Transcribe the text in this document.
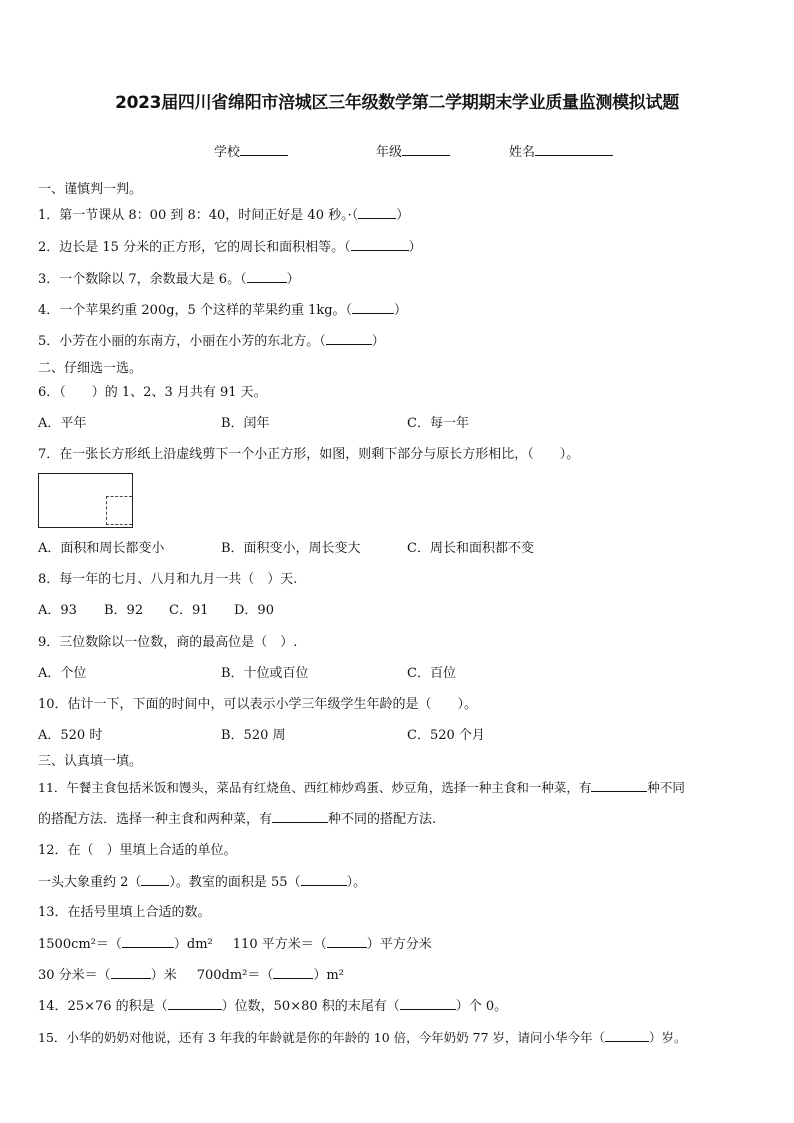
2023届四川省绵阳市涪城区三年级数学第二学期期末学业质量监测模拟试题
学校	年级	姓名
一、谨慎判一判。
1．第一节课从 8：00 到 8：40，时间正好是 40 秒。·（	）
2．边长是 15 分米的正方形，它的周长和面积相等。（	）
3．一个数除以 7，余数最大是 6。（	）
4．一个苹果约重 200g，5 个这样的苹果约重 1kg。（	）
5．小芳在小丽的东南方，小丽在小芳的东北方。（	）
二、仔细选一选。
6．（　　）的 1、2、3 月共有 91 天。
A．平年	B．闰年	C．每一年
7．在一张长方形纸上沿虚线剪下一个小正方形，如图，则剩下部分与原长方形相比，（　　）。
A．面积和周长都变小	B．面积变小，周长变大	C．周长和面积都不变
8．每一年的七月、八月和九月一共（　）天.
A．93 B．92 C．91 D．90
9．三位数除以一位数，商的最高位是（　）.
A．个位	B．十位或百位	C．百位
10．估计一下，下面的时间中，可以表示小学三年级学生年龄的是（　　）。
A．520 时	B．520 周	C．520 个月
三、认真填一填。
11．午餐主食包括米饭和馒头，菜品有红烧鱼、西红柿炒鸡蛋、炒豆角，选择一种主食和一种菜，有	种不同
的搭配方法．选择一种主食和两种菜，有	种不同的搭配方法.
12．在（　）里填上合适的单位。
一头大象重约 2（ ）。教室的面积是 55（	）。
13．在括号里填上合适的数。
1500cm²＝（	）dm² 110 平方米＝（	）平方分米
30 分米＝（	）米 700dm²＝（	）m²
14．25×76 的积是（	）位数，50×80 积的末尾有（	）个 0。
15．小华的奶奶对他说，还有 3 年我的年龄就是你的年龄的 10 倍，今年奶奶 77 岁，请问小华今年（	）岁。
